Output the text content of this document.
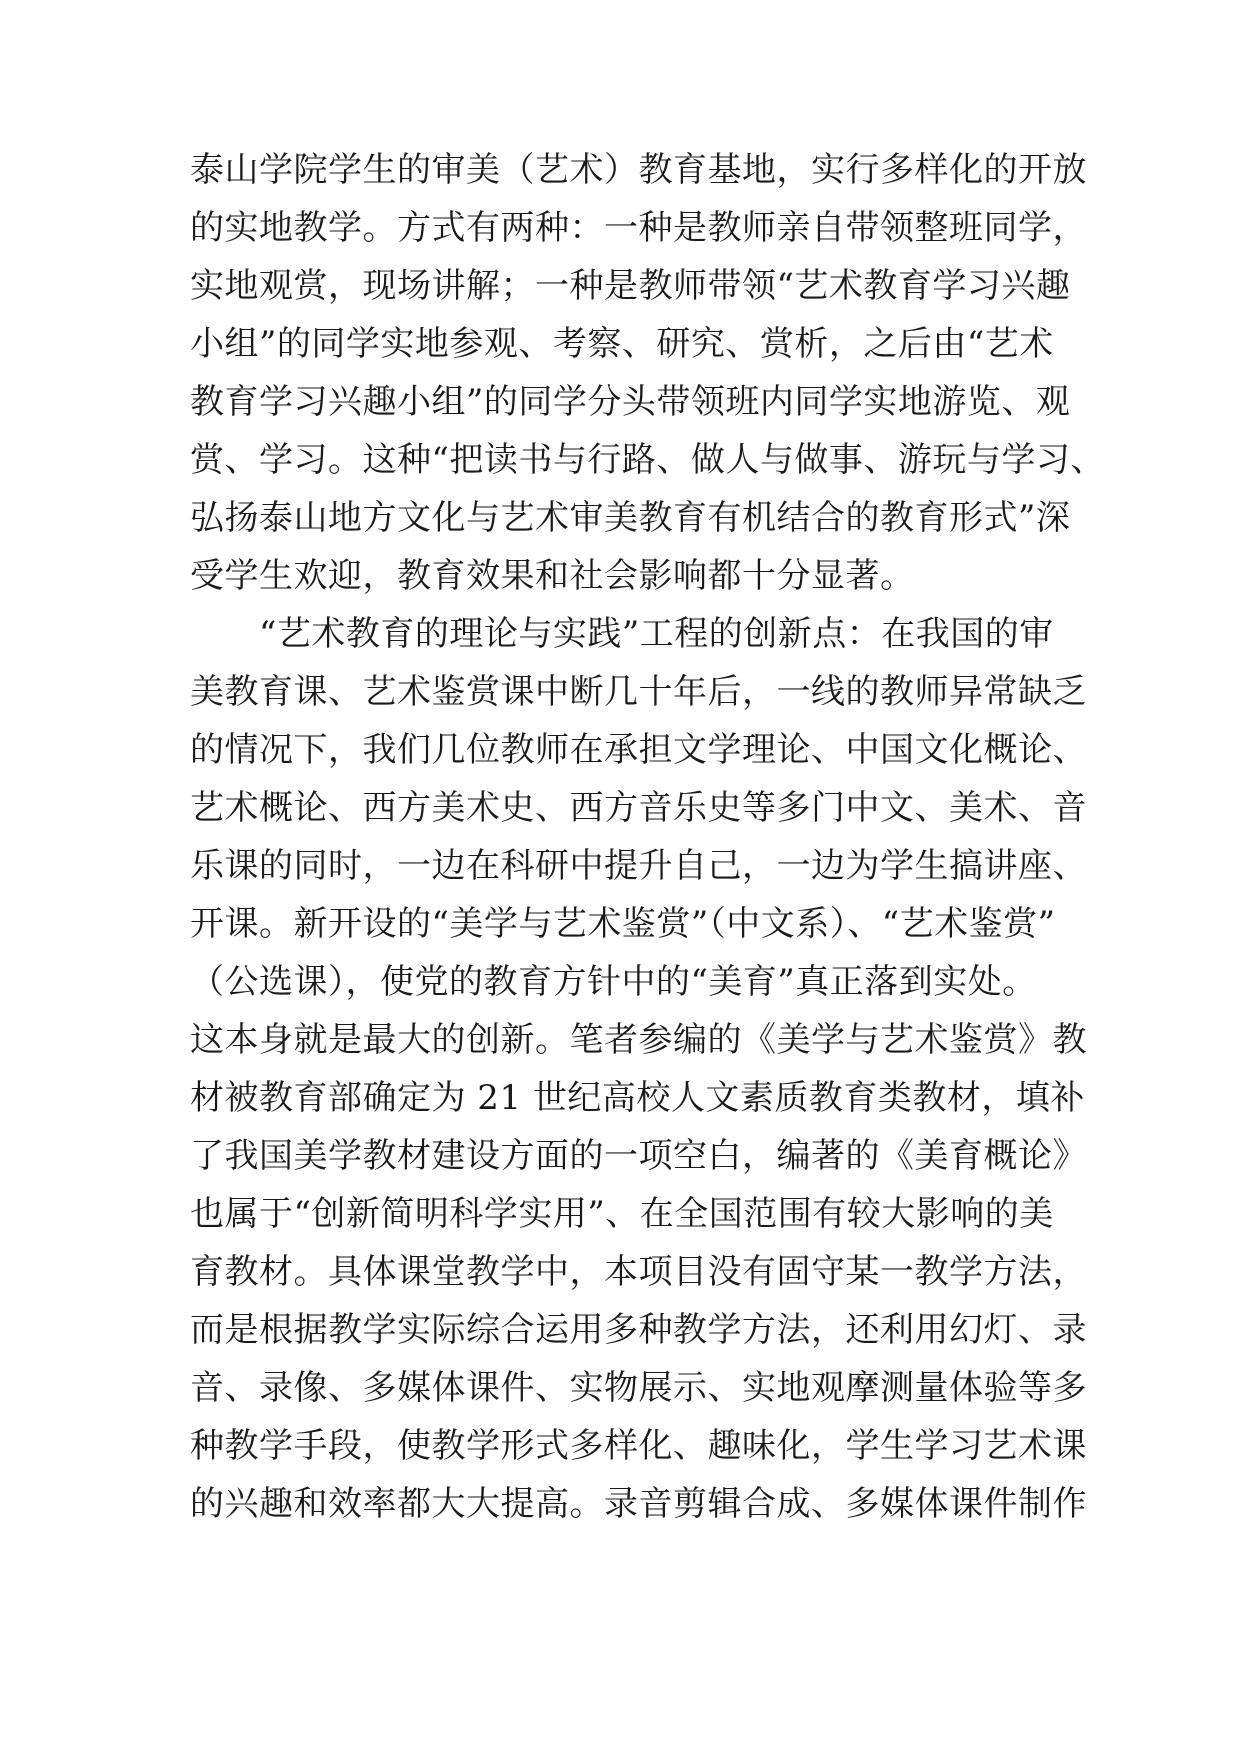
泰山学院学生的审美（艺术）教育基地，实行多样化的开放
的实地教学。方式有两种：一种是教师亲自带领整班同学，
实地观赏，现场讲解；一种是教师带领“艺术教育学习兴趣
小组”的同学实地参观、考察、研究、赏析，之后由“艺术
教育学习兴趣小组”的同学分头带领班内同学实地游览、观
赏、学习。这种“把读书与行路、做人与做事、游玩与学习、
弘扬泰山地方文化与艺术审美教育有机结合的教育形式”深
受学生欢迎，教育效果和社会影响都十分显著。
　　“艺术教育的理论与实践”工程的创新点：在我国的审
美教育课、艺术鉴赏课中断几十年后，一线的教师异常缺乏
的情况下，我们几位教师在承担文学理论、中国文化概论、
艺术概论、西方美术史、西方音乐史等多门中文、美术、音
乐课的同时，一边在科研中提升自己，一边为学生搞讲座、
开课。新开设的“美学与艺术鉴赏”（中文系）、“艺术鉴赏”
（公选课），使党的教育方针中的“美育”真正落到实处。
这本身就是最大的创新。笔者参编的《美学与艺术鉴赏》教
材被教育部确定为 21 世纪高校人文素质教育类教材，填补
了我国美学教材建设方面的一项空白，编著的《美育概论》
也属于“创新简明科学实用”、在全国范围有较大影响的美
育教材。具体课堂教学中，本项目没有固守某一教学方法，
而是根据教学实际综合运用多种教学方法，还利用幻灯、录
音、录像、多媒体课件、实物展示、实地观摩测量体验等多
种教学手段，使教学形式多样化、趣味化，学生学习艺术课
的兴趣和效率都大大提高。录音剪辑合成、多媒体课件制作
